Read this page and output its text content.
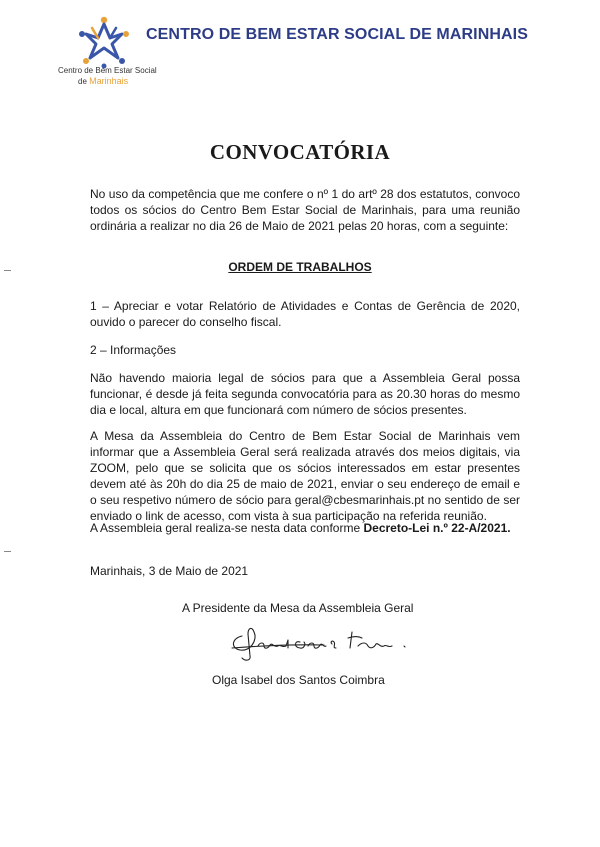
Centro de Bem Estar Social
de Marinhais
CENTRO DE BEM ESTAR SOCIAL DE MARINHAIS
CONVOCATÓRIA

No uso da competência que me confere o nº 1 do artº 28 dos estatutos, convoco todos os sócios do Centro Bem Estar Social de Marinhais, para uma reunião ordinária a realizar no dia 26 de Maio de 2021 pelas 20 horas, com a seguinte:

ORDEM DE TRABALHOS

1 – Apreciar e votar Relatório de Atividades e Contas de Gerência de 2020, ouvido o parecer do conselho fiscal.

2 – Informações

Não havendo maioria legal de sócios para que a Assembleia Geral possa funcionar, é desde já feita segunda convocatória para as 20.30 horas do mesmo dia e local, altura em que funcionará com número de sócios presentes.

A Mesa da Assembleia do Centro de Bem Estar Social de Marinhais vem informar que a Assembleia Geral será realizada através dos meios digitais, via ZOOM, pelo que se solicita que os sócios interessados em estar presentes devem até às 20h do dia 25 de maio de 2021, enviar o seu endereço de email e o seu respetivo número de sócio para geral@cbesmarinhais.pt no sentido de ser enviado o link de acesso, com vista à sua participação na referida reunião.

A Assembleia geral realiza-se nesta data conforme Decreto-Lei n.º 22-A/2021.

Marinhais, 3 de Maio de 2021

A Presidente da Mesa da Assembleia Geral
Olga Isabel dos Santos Coimbra
